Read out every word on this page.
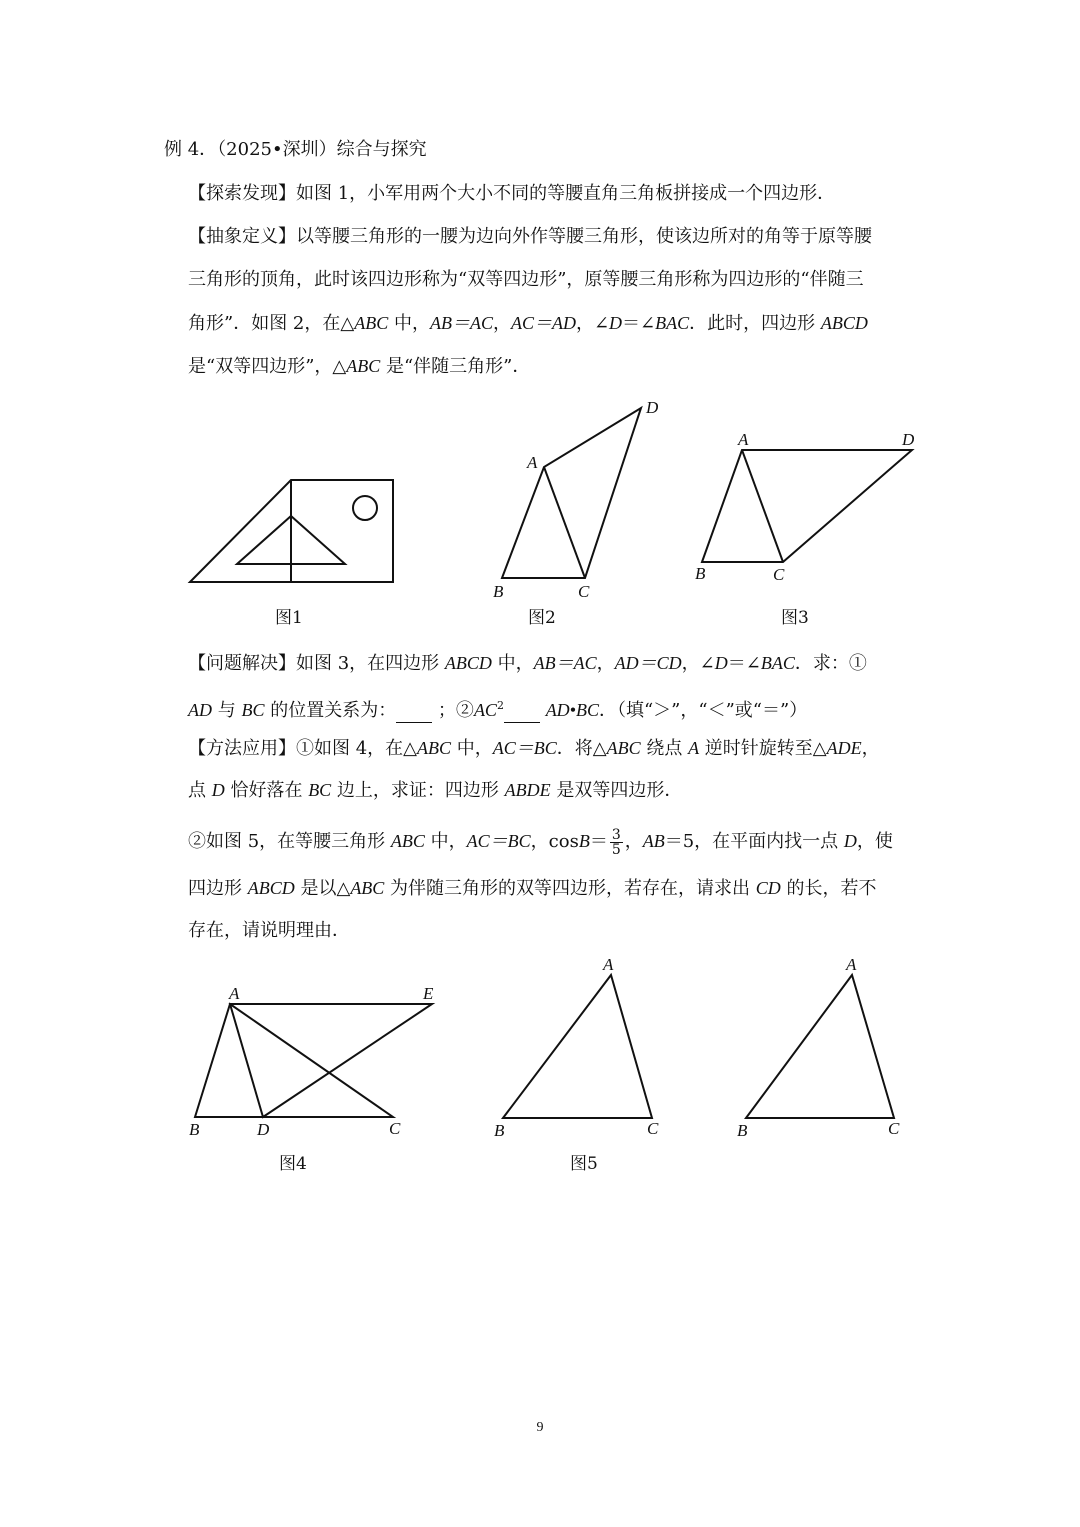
例 4．（2025•深圳）综合与探究
【探索发现】如图 1，小军用两个大小不同的等腰直角三角板拼接成一个四边形．
【抽象定义】以等腰三角形的一腰为边向外作等腰三角形，使该边所对的角等于原等腰
三角形的顶角，此时该四边形称为“双等四边形”，原等腰三角形称为四边形的“伴随三
角形”．如图 2，在△ABC 中，AB＝AC，AC＝AD，∠D＝∠BAC．此时，四边形 ABCD
是“双等四边形”，△ABC 是“伴随三角形”．
【问题解决】如图 3，在四边形 ABCD 中，AB＝AC，AD＝CD，∠D＝∠BAC．求：①
AD 与 BC 的位置关系为： ；$②AC^2$ AD•BC．（填“＞”，“＜”或“＝”）
【方法应用】①如图 4，在△ABC 中，AC＝BC．将△ABC 绕点 A 逆时针旋转至△ADE，
点 D 恰好落在 BC 边上，求证：四边形 ABDE 是双等四边形．
②如图 5，在等腰三角形 ABC 中，AC＝BC，$\cos B= \frac{3}{5}$ ，AB＝5，在平面内找一点 D，使
四边形 ABCD 是以△ABC 为伴随三角形的双等四边形，若存在，请求出 CD 的长，若不
存在，请说明理由．
D
A
B	C
A	D
B	C
A	E
B	D	C
A
B	C
A
B	C
图1	图2	图3
图4	图5
9
